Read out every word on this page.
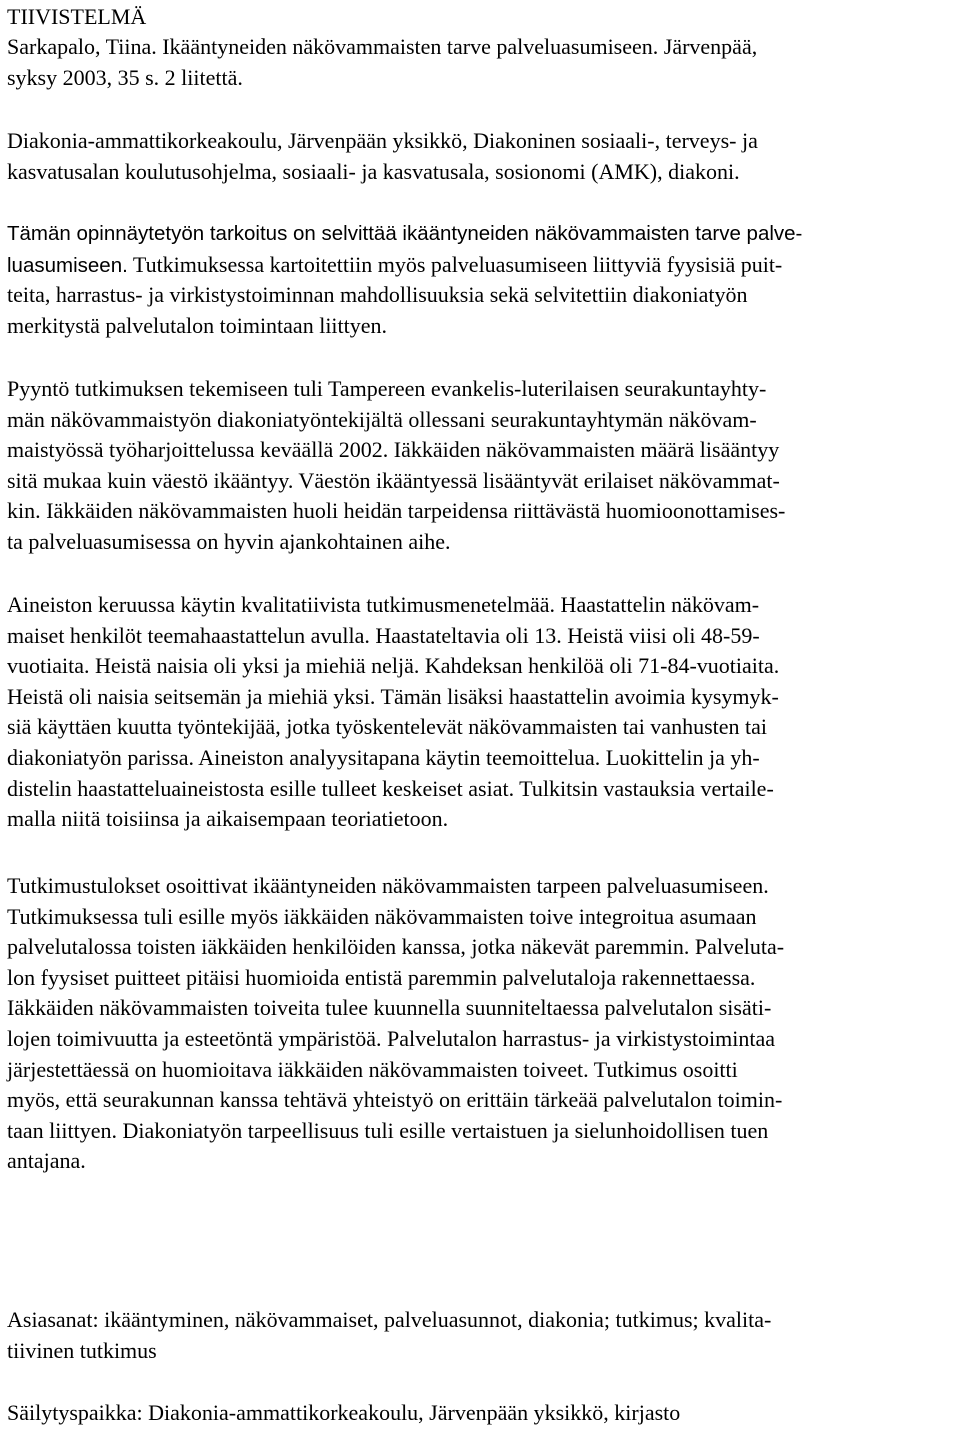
TIIVISTELMÄ
Sarkapalo, Tiina. Ikääntyneiden näkövammaisten tarve palveluasumiseen. Järvenpää,
syksy 2003, 35 s. 2 liitettä.
Diakonia-ammattikorkeakoulu, Järvenpään yksikkö, Diakoninen sosiaali-, terveys- ja
kasvatusalan koulutusohjelma, sosiaali- ja kasvatusala, sosionomi (AMK), diakoni.
Tämän opinnäytetyön tarkoitus on selvittää ikääntyneiden näkövammaisten tarve palve-
luasumiseen. Tutkimuksessa kartoitettiin myös palveluasumiseen liittyviä fyysisiä puit-
teita, harrastus- ja virkistystoiminnan mahdollisuuksia sekä selvitettiin diakoniatyön
merkitystä palvelutalon toimintaan liittyen.
Pyyntö tutkimuksen tekemiseen tuli Tampereen evankelis-luterilaisen seurakuntayhty-
män näkövammaistyön diakoniatyöntekijältä ollessani seurakuntayhtymän näkövam-
maistyössä työharjoittelussa keväällä 2002. Iäkkäiden näkövammaisten määrä lisääntyy
sitä mukaa kuin väestö ikääntyy. Väestön ikääntyessä lisääntyvät erilaiset näkövammat-
kin. Iäkkäiden näkövammaisten huoli heidän tarpeidensa riittävästä huomioonottamises-
ta palveluasumisessa on hyvin ajankohtainen aihe.
Aineiston keruussa käytin kvalitatiivista tutkimusmenetelmää. Haastattelin näkövam-
maiset henkilöt teemahaastattelun avulla. Haastateltavia oli 13. Heistä viisi oli 48-59-
vuotiaita. Heistä naisia oli yksi ja miehiä neljä. Kahdeksan henkilöä oli 71-84-vuotiaita.
Heistä oli naisia seitsemän ja miehiä yksi. Tämän lisäksi haastattelin avoimia kysymyk-
siä käyttäen kuutta työntekijää, jotka työskentelevät näkövammaisten tai vanhusten tai
diakoniatyön parissa. Aineiston analyysitapana käytin teemoittelua. Luokittelin ja yh-
distelin haastatteluaineistosta esille tulleet keskeiset asiat. Tulkitsin vastauksia vertaile-
malla niitä toisiinsa ja aikaisempaan teoriatietoon.
Tutkimustulokset osoittivat ikääntyneiden näkövammaisten tarpeen palveluasumiseen.
Tutkimuksessa tuli esille myös iäkkäiden näkövammaisten toive integroitua asumaan
palvelutalossa toisten iäkkäiden henkilöiden kanssa, jotka näkevät paremmin. Palveluta-
lon fyysiset puitteet pitäisi huomioida entistä paremmin palvelutaloja rakennettaessa.
Iäkkäiden näkövammaisten toiveita tulee kuunnella suunniteltaessa palvelutalon sisäti-
lojen toimivuutta ja esteetöntä ympäristöä. Palvelutalon harrastus- ja virkistystoimintaa
järjestettäessä on huomioitava iäkkäiden näkövammaisten toiveet. Tutkimus osoitti
myös, että seurakunnan kanssa tehtävä yhteistyö on erittäin tärkeää palvelutalon toimin-
taan liittyen. Diakoniatyön tarpeellisuus tuli esille vertaistuen ja sielunhoidollisen tuen
antajana.
Asiasanat: ikääntyminen, näkövammaiset, palveluasunnot, diakonia; tutkimus; kvalita-
tiivinen tutkimus
Säilytyspaikka: Diakonia-ammattikorkeakoulu, Järvenpään yksikkö, kirjasto
